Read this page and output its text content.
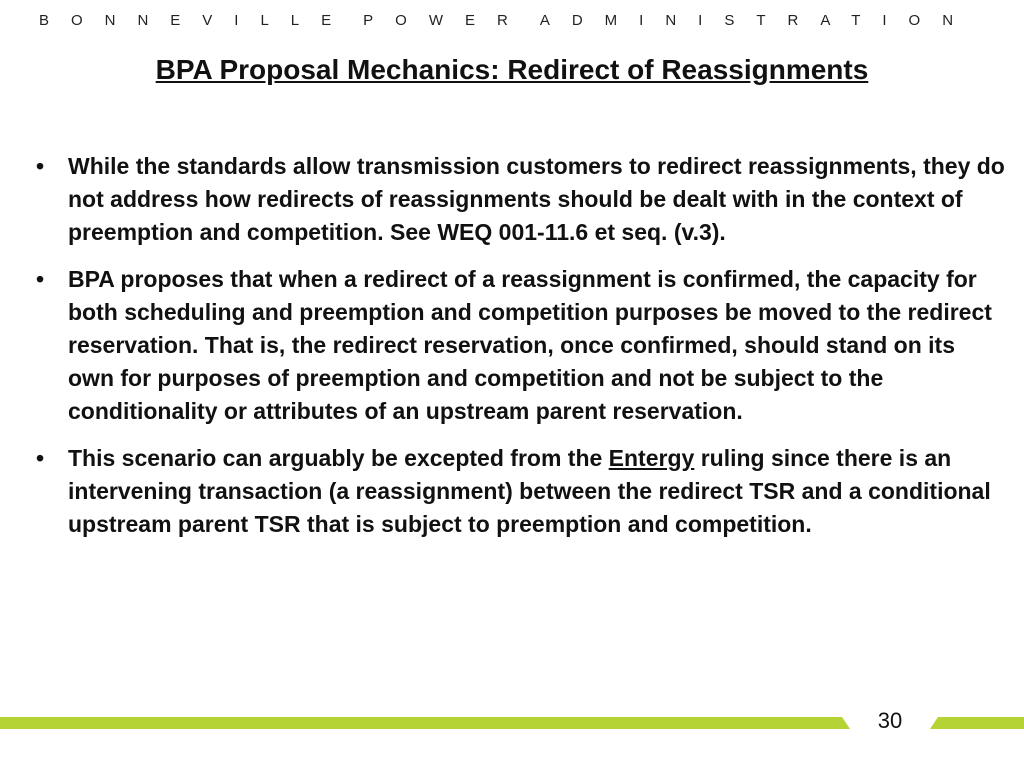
BONNEVILLE POWER ADMINISTRATION
BPA Proposal Mechanics: Redirect of Reassignments
• While the standards allow transmission customers to redirect reassignments, they do not address how redirects of reassignments should be dealt with in the context of preemption and competition. See WEQ 001-11.6 et seq. (v.3).
• BPA proposes that when a redirect of a reassignment is confirmed, the capacity for both scheduling and preemption and competition purposes be moved to the redirect reservation. That is, the redirect reservation, once confirmed, should stand on its own for purposes of preemption and competition and not be subject to the conditionality or attributes of an upstream parent reservation.
• This scenario can arguably be excepted from the Entergy ruling since there is an intervening transaction (a reassignment) between the redirect TSR and a conditional upstream parent TSR that is subject to preemption and competition.
30
